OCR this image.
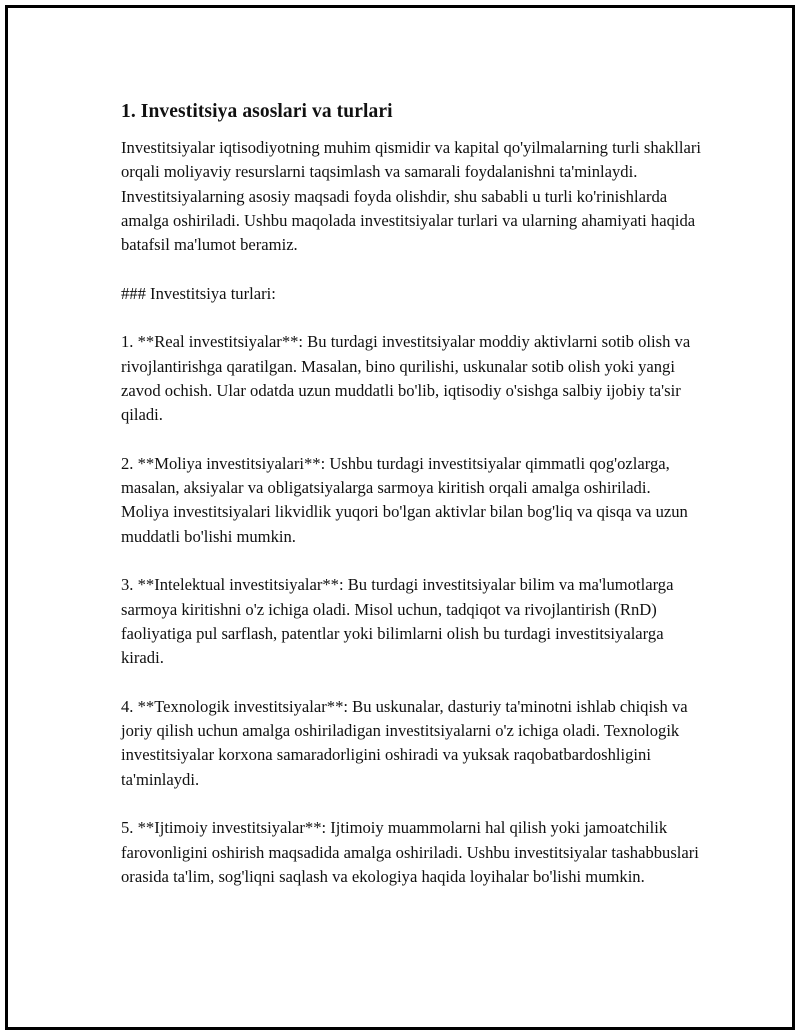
1. Investitsiya asoslari va turlari
Investitsiyalar iqtisodiyotning muhim qismidir va kapital qo'yilmalarning turli shakllari orqali moliyaviy resurslarni taqsimlash va samarali foydalanishni ta'minlaydi. Investitsiyalarning asosiy maqsadi foyda olishdir, shu sababli u turli ko'rinishlarda amalga oshiriladi. Ushbu maqolada investitsiyalar turlari va ularning ahamiyati haqida batafsil ma'lumot beramiz.
### Investitsiya turlari:
1. **Real investitsiyalar**: Bu turdagi investitsiyalar moddiy aktivlarni sotib olish va rivojlantirishga qaratilgan. Masalan, bino qurilishi, uskunalar sotib olish yoki yangi zavod ochish. Ular odatda uzun muddatli bo'lib, iqtisodiy o'sishga salbiy ijobiy ta'sir qiladi.
2. **Moliya investitsiyalari**: Ushbu turdagi investitsiyalar qimmatli qog'ozlarga, masalan, aksiyalar va obligatsiyalarga sarmoya kiritish orqali amalga oshiriladi. Moliya investitsiyalari likvidlik yuqori bo'lgan aktivlar bilan bog'liq va qisqa va uzun muddatli bo'lishi mumkin.
3. **Intelektual investitsiyalar**: Bu turdagi investitsiyalar bilim va ma'lumotlarga sarmoya kiritishni o'z ichiga oladi. Misol uchun, tadqiqot va rivojlantirish (RnD) faoliyatiga pul sarflash, patentlar yoki bilimlarni olish bu turdagi investitsiyalarga kiradi.
4. **Texnologik investitsiyalar**: Bu uskunalar, dasturiy ta'minotni ishlab chiqish va joriy qilish uchun amalga oshiriladigan investitsiyalarni o'z ichiga oladi. Texnologik investitsiyalar korxona samaradorligini oshiradi va yuksak raqobatbardoshligini ta'minlaydi.
5. **Ijtimoiy investitsiyalar**: Ijtimoiy muammolarni hal qilish yoki jamoatchilik farovonligini oshirish maqsadida amalga oshiriladi. Ushbu investitsiyalar tashabbuslari orasida ta'lim, sog'liqni saqlash va ekologiya haqida loyihalar bo'lishi mumkin.
